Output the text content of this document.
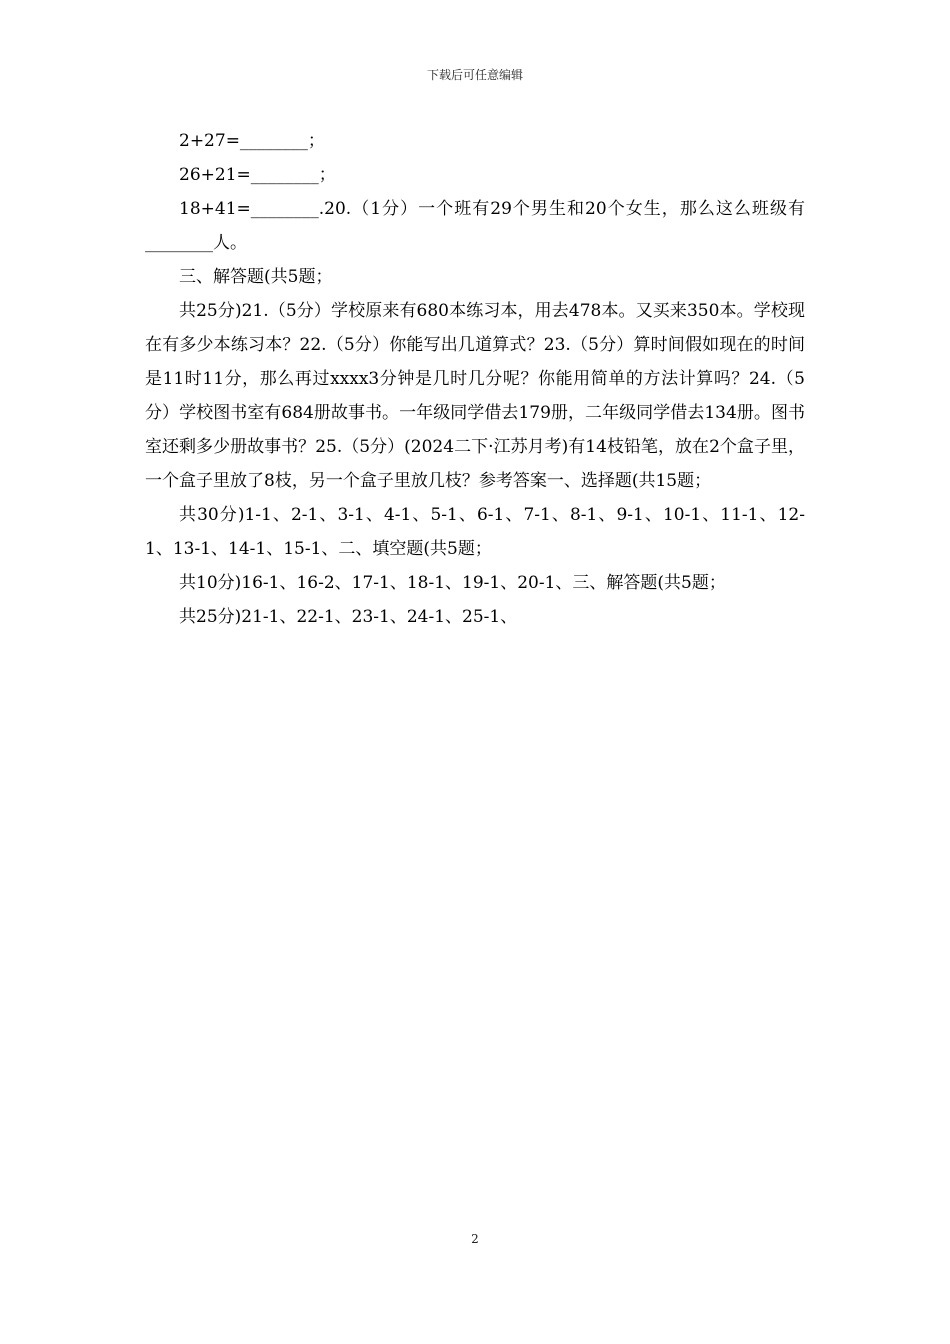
下载后可任意编辑

2+27=________；

26+21=________；

18+41=________.20.（1分）一个班有29个男生和20个女生，那么这么班级有________人。

三、解答题(共5题；

共25分)21.（5分）学校原来有680本练习本，用去478本。又买来350本。学校现在有多少本练习本？22.（5分）你能写出几道算式？23.（5分）算时间假如现在的时间是11时11分，那么再过xxxx3分钟是几时几分呢？你能用简单的方法计算吗？24.（5分）学校图书室有684册故事书。一年级同学借去179册，二年级同学借去134册。图书室还剩多少册故事书？25.（5分）(2024二下·江苏月考)有14枝铅笔，放在2个盒子里，一个盒子里放了8枝，另一个盒子里放几枝？参考答案一、选择题(共15题；

共30分)1-1、2-1、3-1、4-1、5-1、6-1、7-1、8-1、9-1、10-1、11-1、12-1、13-1、14-1、15-1、二、填空题(共5题；

共10分)16-1、16-2、17-1、18-1、19-1、20-1、三、解答题(共5题；

共25分)21-1、22-1、23-1、24-1、25-1、

2
